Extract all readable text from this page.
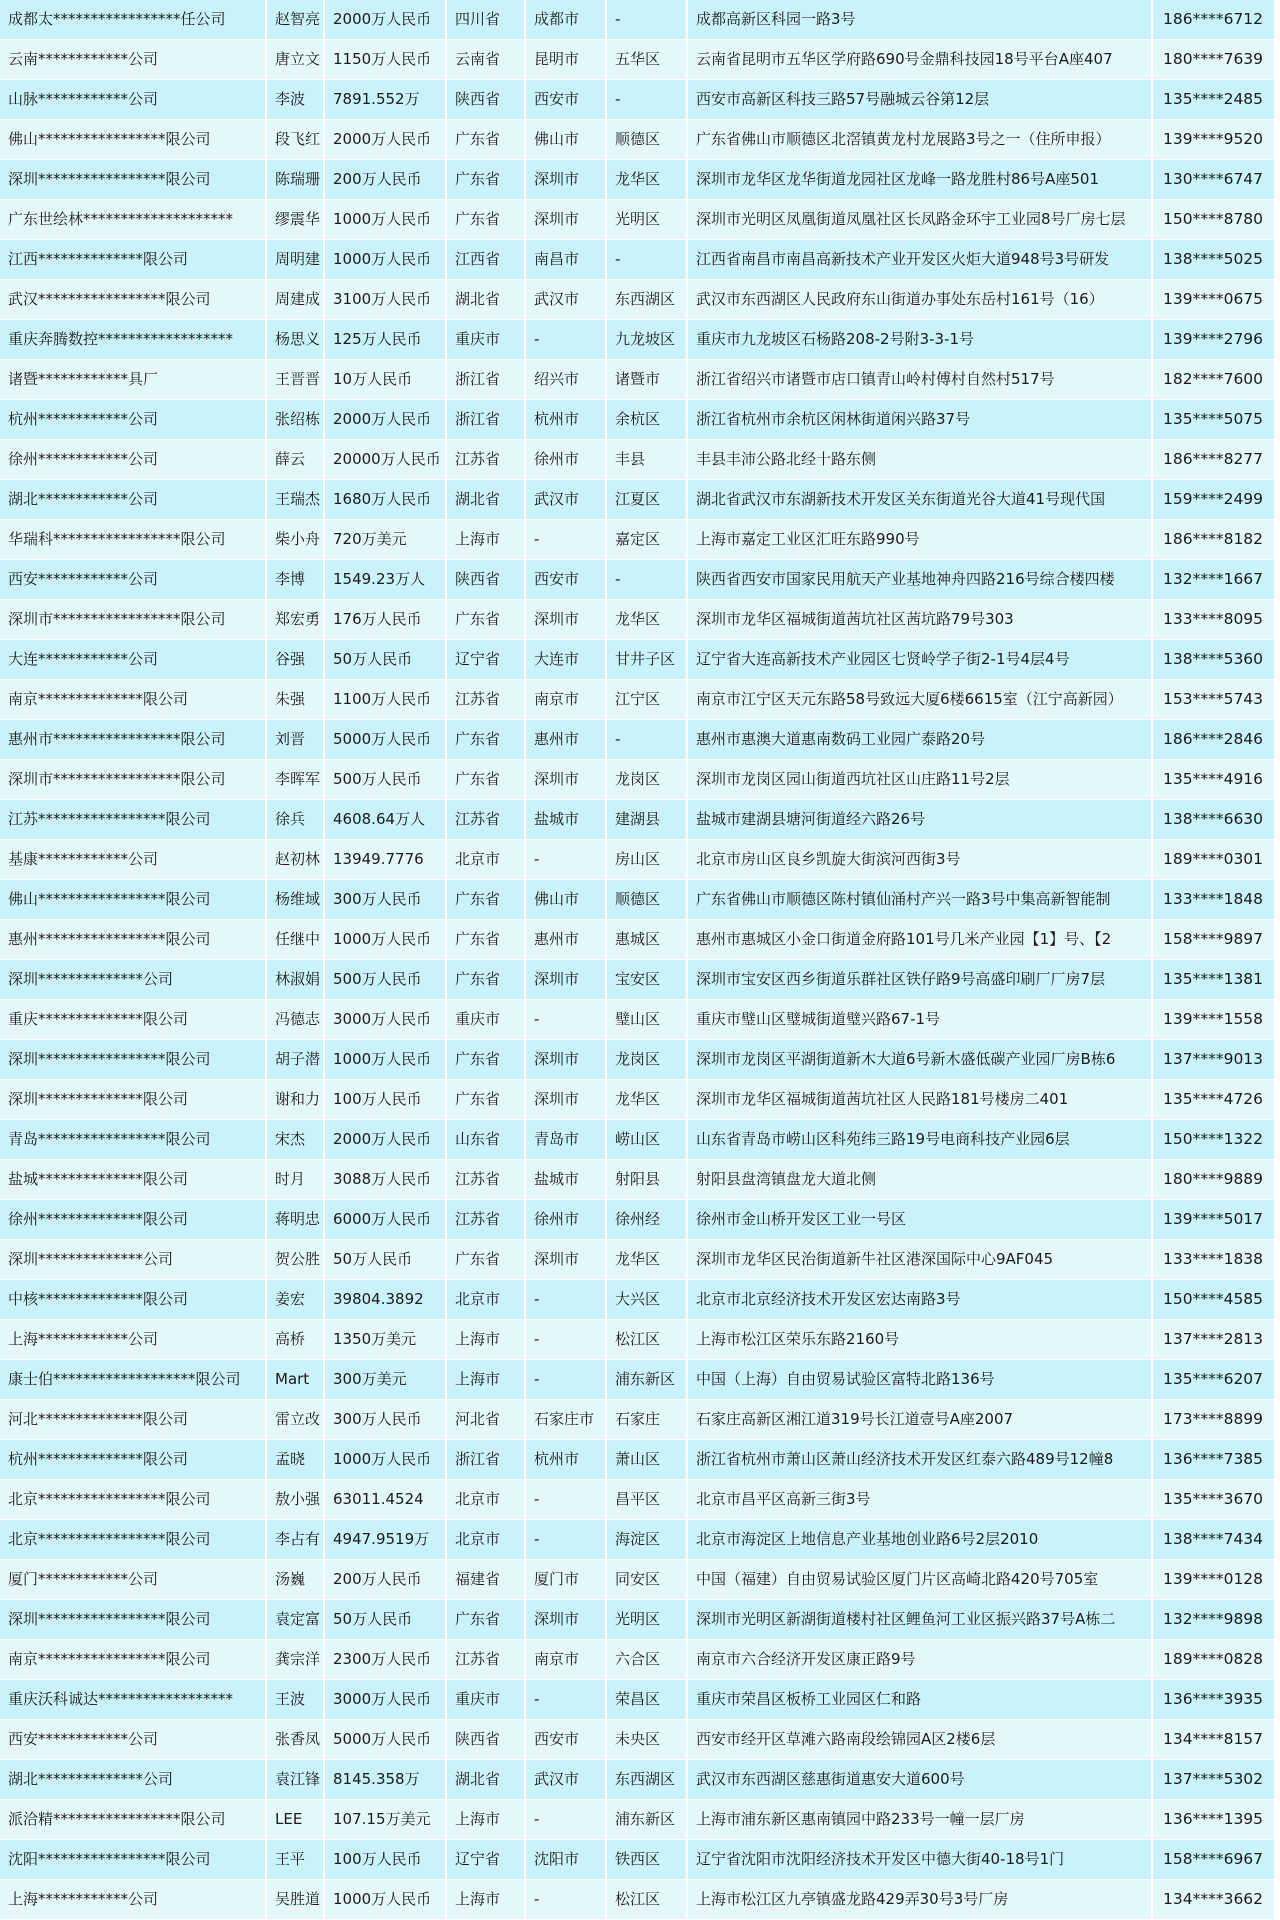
成都太*****************任公司	赵智亮	2000万人民币	四川省	成都市	-	成都高新区科园一路3号	186****6712
云南************公司	唐立文	1150万人民币	云南省	昆明市	五华区	云南省昆明市五华区学府路690号金鼎科技园18号平台A座407	180****7639
山脉************公司	李波	7891.552万	陕西省	西安市	-	西安市高新区科技三路57号融城云谷第12层	135****2485
佛山*****************限公司	段飞红	2000万人民币	广东省	佛山市	顺德区	广东省佛山市顺德区北滘镇黄龙村龙展路3号之一（住所申报）	139****9520
深圳*****************限公司	陈瑞珊	200万人民币	广东省	深圳市	龙华区	深圳市龙华区龙华街道龙园社区龙峰一路龙胜村86号A座501	130****6747
广东世绘林********************	缪震华	1000万人民币	广东省	深圳市	光明区	深圳市光明区凤凰街道凤凰社区长凤路金环宇工业园8号厂房七层	150****8780
江西**************限公司	周明建	1000万人民币	江西省	南昌市	-	江西省南昌市南昌高新技术产业开发区火炬大道948号3号研发	138****5025
武汉*****************限公司	周建成	3100万人民币	湖北省	武汉市	东西湖区	武汉市东西湖区人民政府东山街道办事处东岳村161号（16）	139****0675
重庆奔腾数控******************	杨思义	125万人民币	重庆市	-	九龙坡区	重庆市九龙坡区石杨路208-2号附3-3-1号	139****2796
诸暨************具厂	王晋晋	10万人民币	浙江省	绍兴市	诸暨市	浙江省绍兴市诸暨市店口镇青山岭村傅村自然村517号	182****7600
杭州************公司	张绍栋	2000万人民币	浙江省	杭州市	余杭区	浙江省杭州市余杭区闲林街道闲兴路37号	135****5075
徐州************公司	薛云	20000万人民币	江苏省	徐州市	丰县	丰县丰沛公路北经十路东侧	186****8277
湖北************公司	王瑞杰	1680万人民币	湖北省	武汉市	江夏区	湖北省武汉市东湖新技术开发区关东街道光谷大道41号现代国	159****2499
华瑞科*****************限公司	柴小舟	720万美元	上海市	-	嘉定区	上海市嘉定工业区汇旺东路990号	186****8182
西安************公司	李博	1549.23万人	陕西省	西安市	-	陕西省西安市国家民用航天产业基地神舟四路216号综合楼四楼	132****1667
深圳市*****************限公司	郑宏勇	176万人民币	广东省	深圳市	龙华区	深圳市龙华区福城街道茜坑社区茜坑路79号303	133****8095
大连************公司	谷强	50万人民币	辽宁省	大连市	甘井子区	辽宁省大连高新技术产业园区七贤岭学子街2-1号4层4号	138****5360
南京**************限公司	朱强	1100万人民币	江苏省	南京市	江宁区	南京市江宁区天元东路58号致远大厦6楼6615室（江宁高新园）	153****5743
惠州市*****************限公司	刘晋	5000万人民币	广东省	惠州市	-	惠州市惠澳大道惠南数码工业园广泰路20号	186****2846
深圳市*****************限公司	李晖军	500万人民币	广东省	深圳市	龙岗区	深圳市龙岗区园山街道西坑社区山庄路11号2层	135****4916
江苏*****************限公司	徐兵	4608.64万人	江苏省	盐城市	建湖县	盐城市建湖县塘河街道经六路26号	138****6630
基康************公司	赵初林	13949.7776	北京市	-	房山区	北京市房山区良乡凯旋大街滨河西街3号	189****0301
佛山*****************限公司	杨维域	300万人民币	广东省	佛山市	顺德区	广东省佛山市顺德区陈村镇仙涌村产兴一路3号中集高新智能制	133****1848
惠州*****************限公司	任继中	1000万人民币	广东省	惠州市	惠城区	惠州市惠城区小金口街道金府路101号几米产业园【1】号、【2	158****9897
深圳**************公司	林淑娟	500万人民币	广东省	深圳市	宝安区	深圳市宝安区西乡街道乐群社区铁仔路9号高盛印刷厂厂房7层	135****1381
重庆**************限公司	冯德志	3000万人民币	重庆市	-	璧山区	重庆市璧山区璧城街道璧兴路67-1号	139****1558
深圳*****************限公司	胡子潜	1000万人民币	广东省	深圳市	龙岗区	深圳市龙岗区平湖街道新木大道6号新木盛低碳产业园厂房B栋6	137****9013
深圳**************限公司	谢和力	100万人民币	广东省	深圳市	龙华区	深圳市龙华区福城街道茜坑社区人民路181号楼房二401	135****4726
青岛*****************限公司	宋杰	2000万人民币	山东省	青岛市	崂山区	山东省青岛市崂山区科苑纬三路19号电商科技产业园6层	150****1322
盐城**************限公司	时月	3088万人民币	江苏省	盐城市	射阳县	射阳县盘湾镇盘龙大道北侧	180****9889
徐州**************限公司	蒋明忠	6000万人民币	江苏省	徐州市	徐州经	徐州市金山桥开发区工业一号区	139****5017
深圳**************公司	贺公胜	50万人民币	广东省	深圳市	龙华区	深圳市龙华区民治街道新牛社区港深国际中心9AF045	133****1838
中核**************限公司	姜宏	39804.3892	北京市	-	大兴区	北京市北京经济技术开发区宏达南路3号	150****4585
上海************公司	高桥	1350万美元	上海市	-	松江区	上海市松江区荣乐东路2160号	137****2813
康士伯*******************限公司	Mart	300万美元	上海市	-	浦东新区	中国（上海）自由贸易试验区富特北路136号	135****6207
河北**************限公司	雷立改	300万人民币	河北省	石家庄市	石家庄	石家庄高新区湘江道319号长江道壹号A座2007	173****8899
杭州**************限公司	孟晓	1000万人民币	浙江省	杭州市	萧山区	浙江省杭州市萧山区萧山经济技术开发区红泰六路489号12幢8	136****7385
北京*****************限公司	敖小强	63011.4524	北京市	-	昌平区	北京市昌平区高新三街3号	135****3670
北京*****************限公司	李占有	4947.9519万	北京市	-	海淀区	北京市海淀区上地信息产业基地创业路6号2层2010	138****7434
厦门************公司	汤巍	200万人民币	福建省	厦门市	同安区	中国（福建）自由贸易试验区厦门片区高崎北路420号705室	139****0128
深圳*****************限公司	袁定富	50万人民币	广东省	深圳市	光明区	深圳市光明区新湖街道楼村社区鲤鱼河工业区振兴路37号A栋二	132****9898
南京*****************限公司	龚宗洋	2300万人民币	江苏省	南京市	六合区	南京市六合经济开发区康正路9号	189****0828
重庆沃科诚达******************	王波	3000万人民币	重庆市	-	荣昌区	重庆市荣昌区板桥工业园区仁和路	136****3935
西安************公司	张香凤	5000万人民币	陕西省	西安市	未央区	西安市经开区草滩六路南段绘锦园A区2楼6层	134****8157
湖北**************公司	袁江锋	8145.358万	湖北省	武汉市	东西湖区	武汉市东西湖区慈惠街道惠安大道600号	137****5302
派洽精*****************限公司	LEE	107.15万美元	上海市	-	浦东新区	上海市浦东新区惠南镇园中路233号一幢一层厂房	136****1395
沈阳*****************限公司	王平	100万人民币	辽宁省	沈阳市	铁西区	辽宁省沈阳市沈阳经济技术开发区中德大街40-18号1门	158****6967
上海************公司	吴胜道	1000万人民币	上海市	-	松江区	上海市松江区九亭镇盛龙路429弄30号3号厂房	134****3662
